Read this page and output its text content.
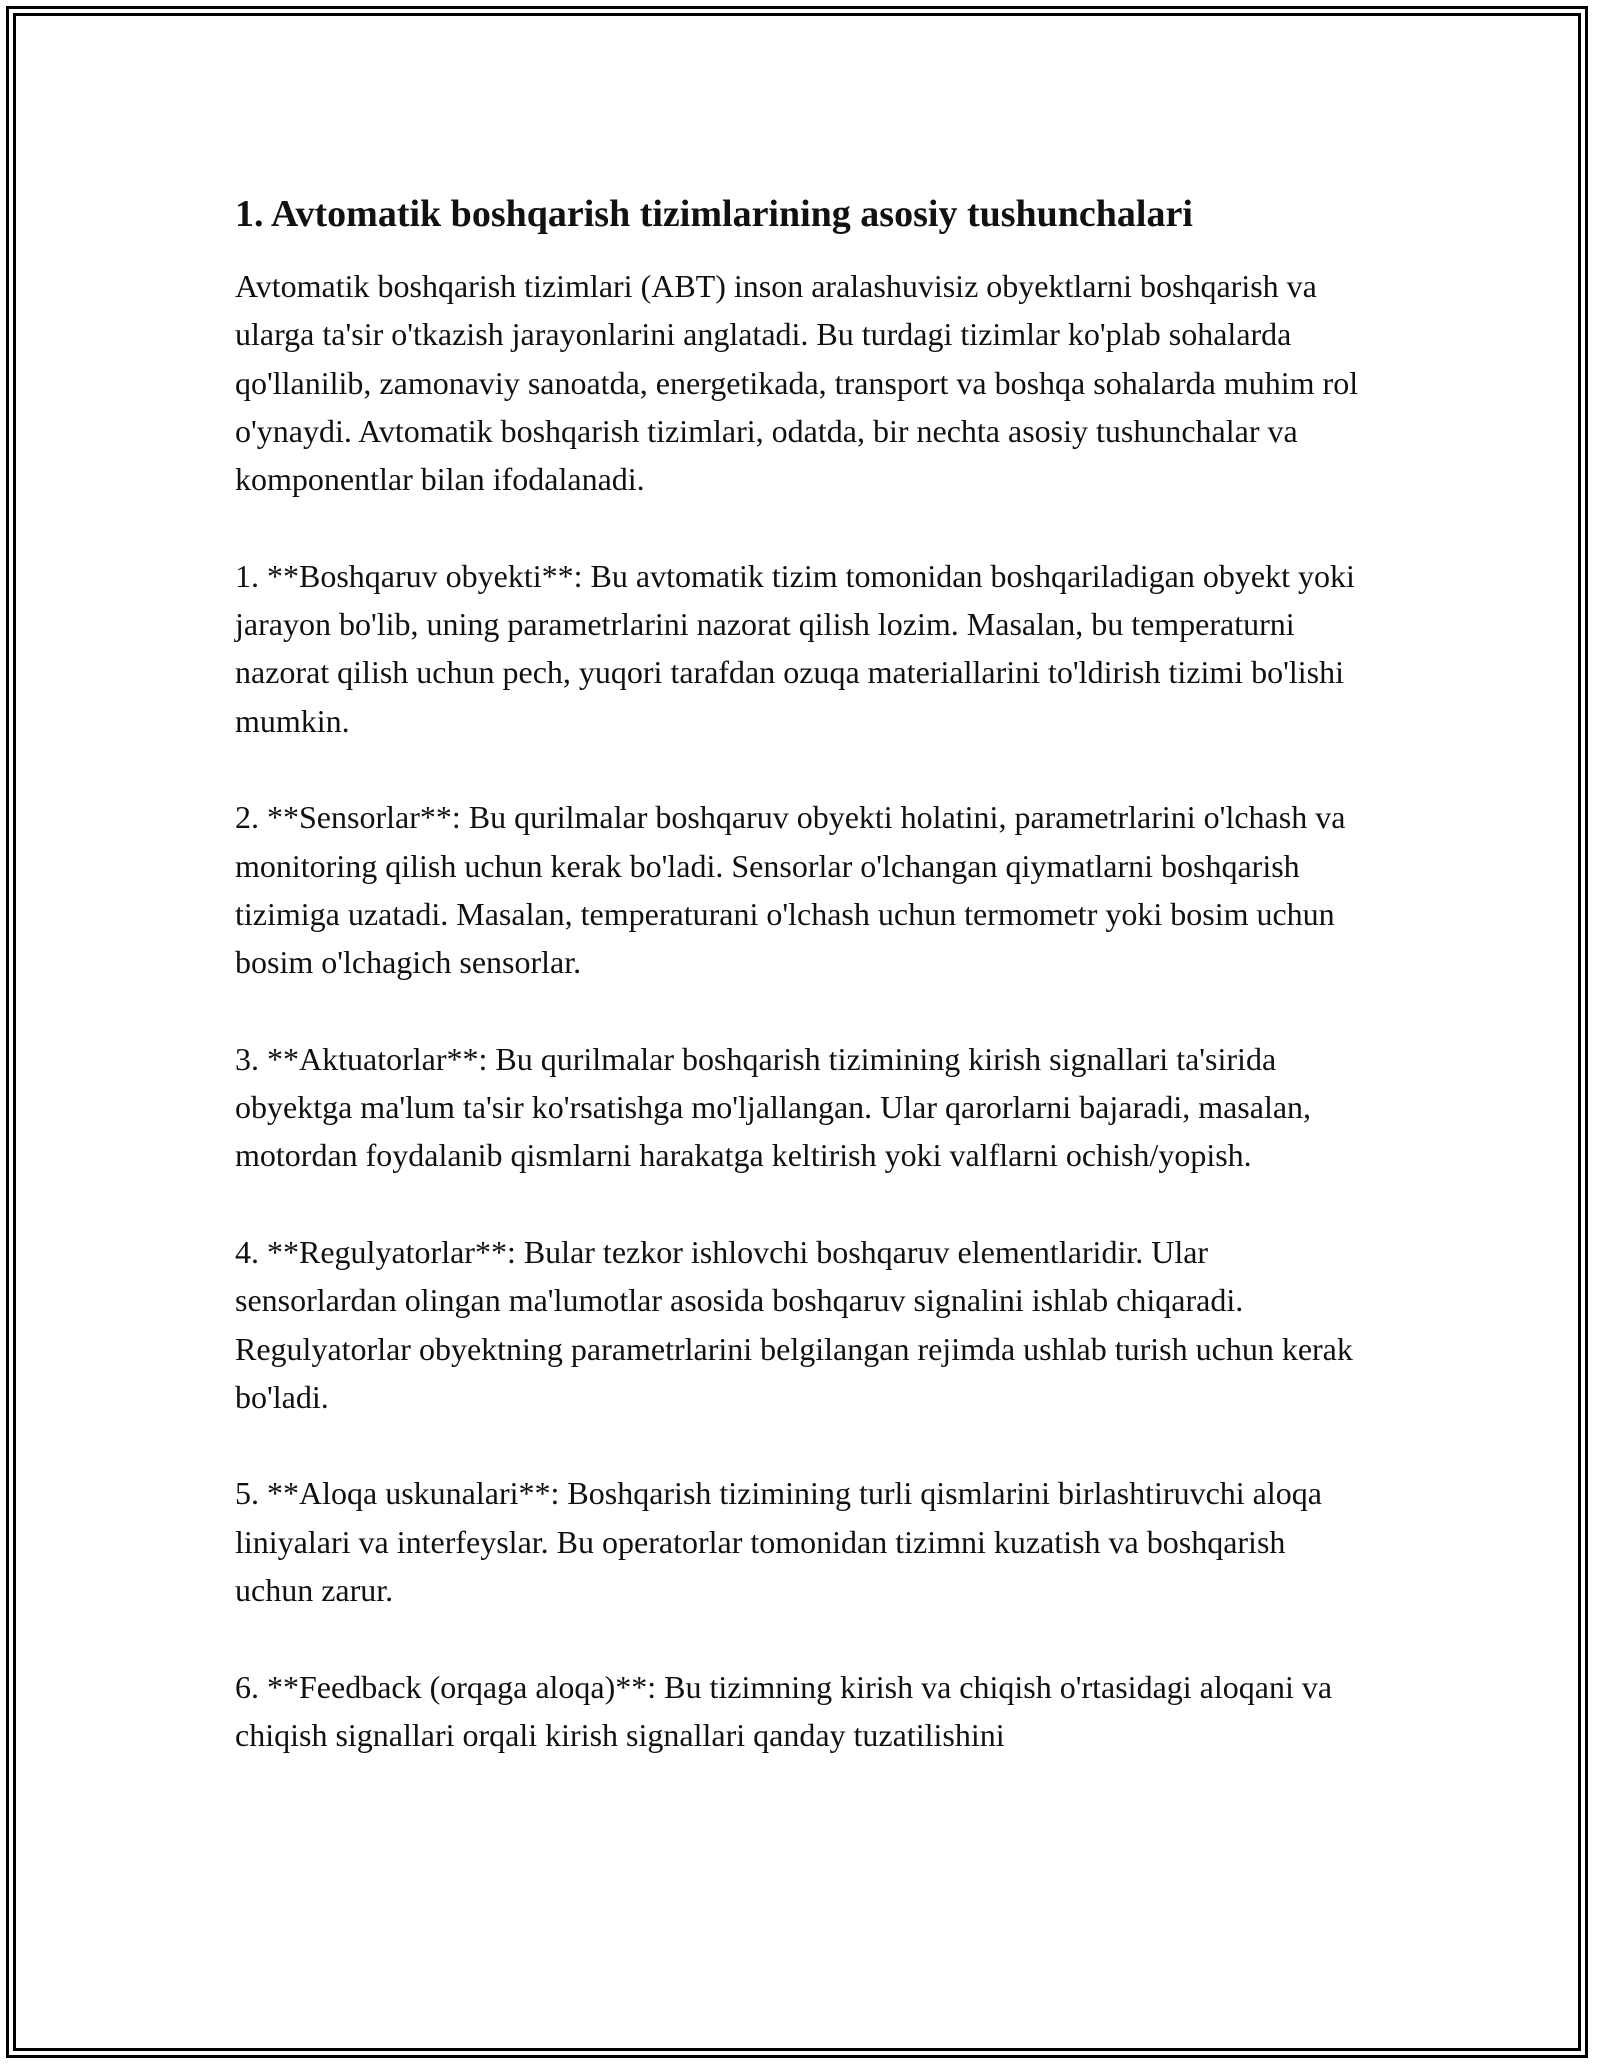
1. Avtomatik boshqarish tizimlarining asosiy tushunchalari

Avtomatik boshqarish tizimlari (ABT) inson aralashuvisiz obyektlarni boshqarish va ularga ta'sir o'tkazish jarayonlarini anglatadi. Bu turdagi tizimlar ko'plab sohalarda qo'llanilib, zamonaviy sanoatda, energetikada, transport va boshqa sohalarda muhim rol o'ynaydi. Avtomatik boshqarish tizimlari, odatda, bir nechta asosiy tushunchalar va komponentlar bilan ifodalanadi.

1. **Boshqaruv obyekti**: Bu avtomatik tizim tomonidan boshqariladigan obyekt yoki jarayon bo'lib, uning parametrlarini nazorat qilish lozim. Masalan, bu temperaturni nazorat qilish uchun pech, yuqori tarafdan ozuqa materiallarini to'ldirish tizimi bo'lishi mumkin.

2. **Sensorlar**: Bu qurilmalar boshqaruv obyekti holatini, parametrlarini o'lchash va monitoring qilish uchun kerak bo'ladi. Sensorlar o'lchangan qiymatlarni boshqarish tizimiga uzatadi. Masalan, temperaturani o'lchash uchun termometr yoki bosim uchun bosim o'lchagich sensorlar.

3. **Aktuatorlar**: Bu qurilmalar boshqarish tizimining kirish signallari ta'sirida obyektga ma'lum ta'sir ko'rsatishga mo'ljallangan. Ular qarorlarni bajaradi, masalan, motordan foydalanib qismlarni harakatga keltirish yoki valflarni ochish/yopish.

4. **Regulyatorlar**: Bular tezkor ishlovchi boshqaruv elementlaridir. Ular sensorlardan olingan ma'lumotlar asosida boshqaruv signalini ishlab chiqaradi. Regulyatorlar obyektning parametrlarini belgilangan rejimda ushlab turish uchun kerak bo'ladi.

5. **Aloqa uskunalari**: Boshqarish tizimining turli qismlarini birlashtiruvchi aloqa liniyalari va interfeyslar. Bu operatorlar tomonidan tizimni kuzatish va boshqarish uchun zarur.

6. **Feedback (orqaga aloqa)**: Bu tizimning kirish va chiqish o'rtasidagi aloqani va chiqish signallari orqali kirish signallari qanday tuzatilishini
